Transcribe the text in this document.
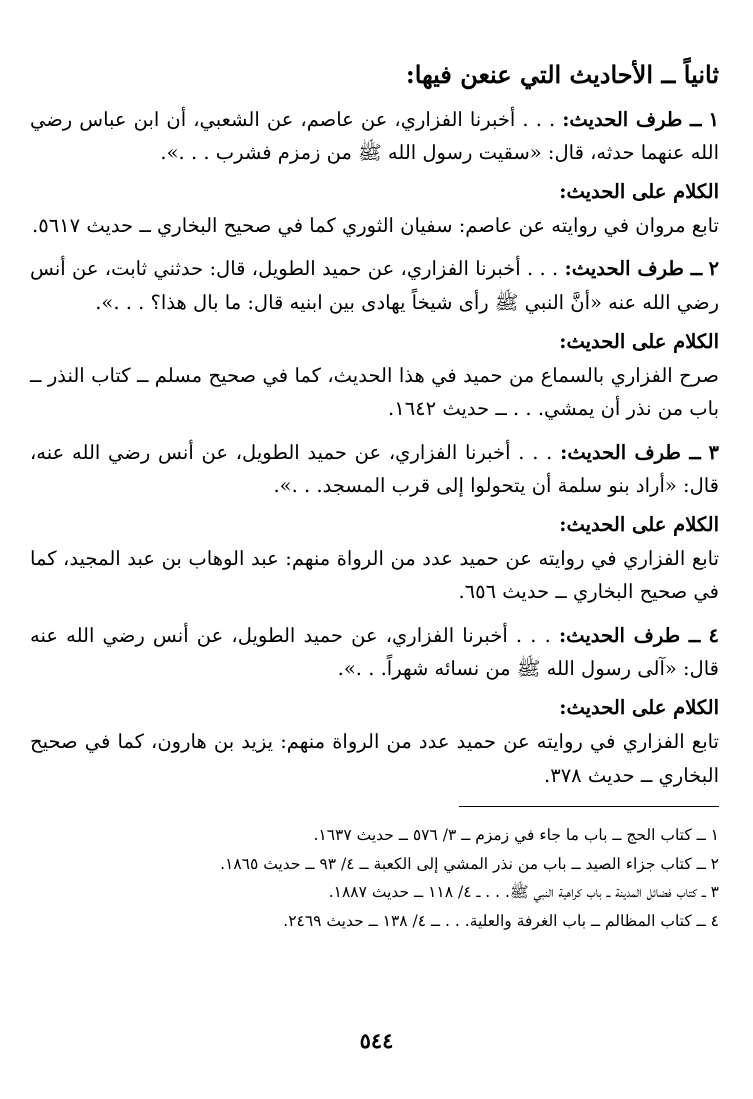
ثانياً ــ الأحاديث التي عنعن فيها:
١ ــ طرف الحديث: . . . أخبرنا الفزاري، عن عاصم، عن الشعبي، أن ابن عباس رضي الله عنهما حدثه، قال: «سقيت رسول الله ﷺ من زمزم فشرب . . .».
الكلام على الحديث:
تابع مروان في روايته عن عاصم: سفيان الثوري كما في صحيح البخاري ــ حديث ٥٦١٧.
٢ ــ طرف الحديث: . . . أخبرنا الفزاري، عن حميد الطويل، قال: حدثني ثابت، عن أنس رضي الله عنه «أنَّ النبي ﷺ رأى شيخاً يهادى بين ابنيه قال: ما بال هذا؟ . . .».
الكلام على الحديث:
صرح الفزاري بالسماع من حميد في هذا الحديث، كما في صحيح مسلم ــ كتاب النذر ــ باب من نذر أن يمشي. . . ــ حديث ١٦٤٢.
٣ ــ طرف الحديث: . . . أخبرنا الفزاري، عن حميد الطويل، عن أنس رضي الله عنه، قال: «أراد بنو سلمة أن يتحولوا إلى قرب المسجد. . .».
الكلام على الحديث:
تابع الفزاري في روايته عن حميد عدد من الرواة منهم: عبد الوهاب بن عبد المجيد، كما في صحيح البخاري ــ حديث ٦٥٦.
٤ ــ طرف الحديث: . . . أخبرنا الفزاري، عن حميد الطويل، عن أنس رضي الله عنه قال: «آلى رسول الله ﷺ من نسائه شهراً. . .».
الكلام على الحديث:
تابع الفزاري في روايته عن حميد عدد من الرواة منهم: يزيد بن هارون، كما في صحيح البخاري ــ حديث ٣٧٨.
١ ــ كتاب الحج ــ باب ما جاء في زمزم ــ ٣/ ٥٧٦ ــ حديث ١٦٣٧.
٢ ــ كتاب جزاء الصيد ــ باب من نذر المشي إلى الكعبة ــ ٤/ ٩٣ ــ حديث ١٨٦٥.
٣ ــ كتاب فضائل المدينة ــ باب كراهية النبي ﷺ. . . ــ ٤/ ١١٨ ــ حديث ١٨٨٧.
٤ ــ كتاب المظالم ــ باب الغرفة والعلية. . . ــ ٤/ ١٣٨ ــ حديث ٢٤٦٩.
٥٤٤
